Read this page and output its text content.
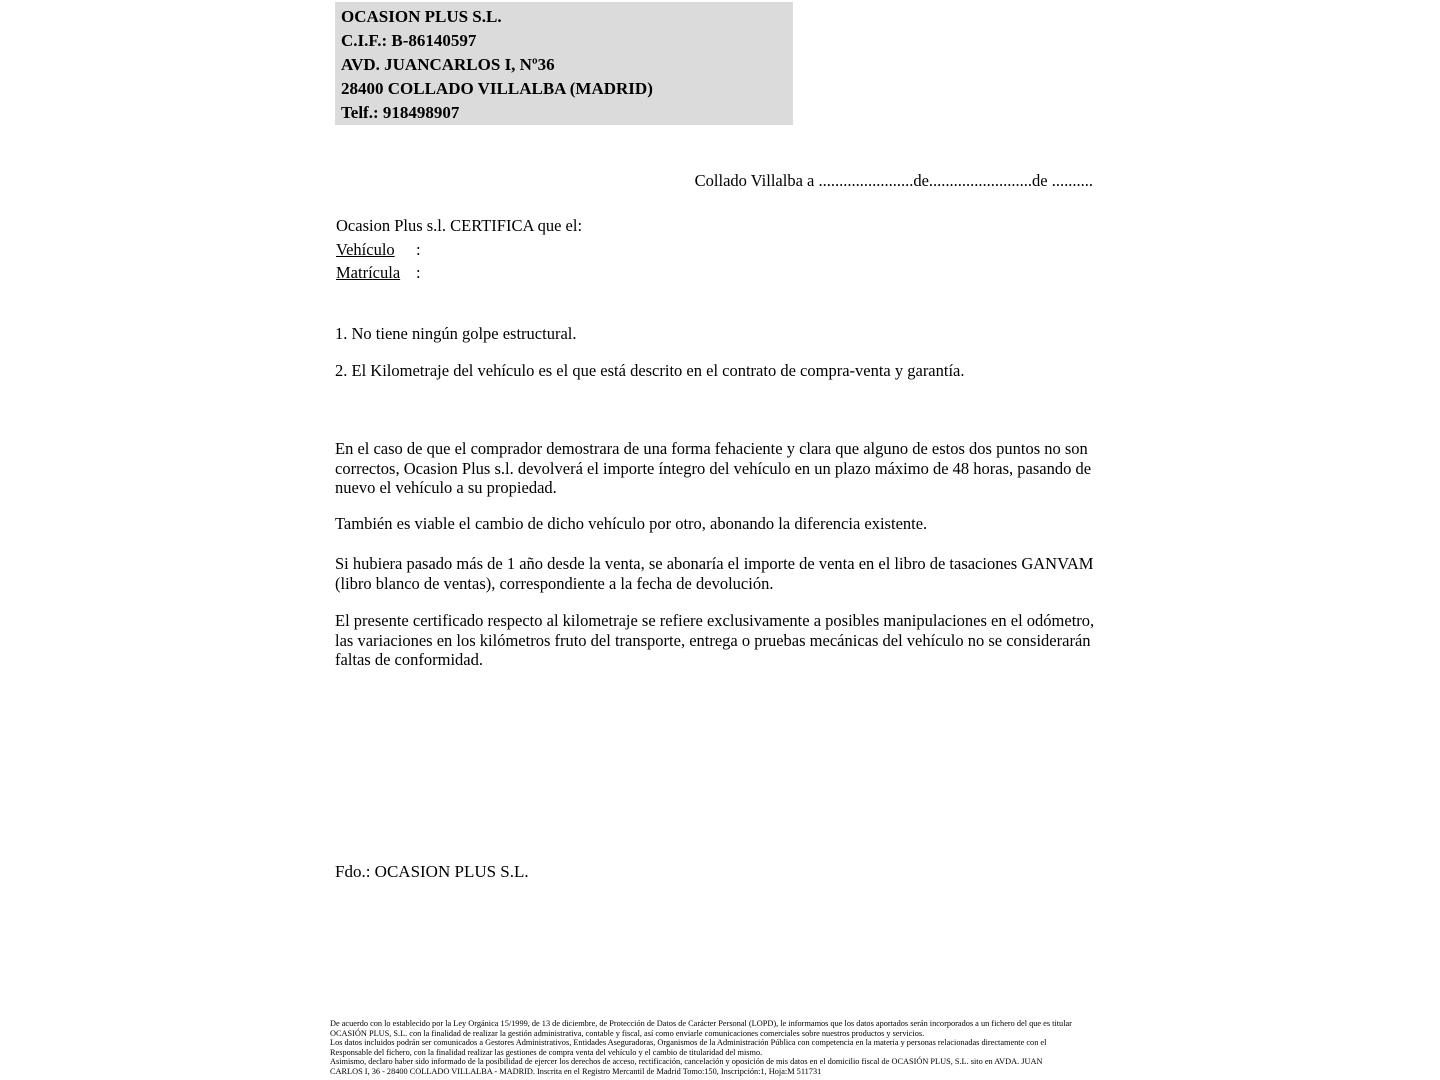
OCASION PLUS S.L.
C.I.F.: B-86140597
AVD. JUANCARLOS I, Nº36
28400 COLLADO VILLALBA (MADRID)
Telf.: 918498907
Collado Villalba a .......................de.........................de ..........
Ocasion Plus s.l. CERTIFICA que el:
Vehículo :
Matrícula :

1. No tiene ningún golpe estructural.

2. El Kilometraje del vehículo es el que está descrito en el contrato de compra-venta y garantía.

En el caso de que el comprador demostrara de una forma fehaciente y clara que alguno de estos dos puntos no son correctos, Ocasion Plus s.l. devolverá el importe íntegro del vehículo en un plazo máximo de 48 horas, pasando de nuevo el vehículo a su propiedad.

También es viable el cambio de dicho vehículo por otro, abonando la diferencia existente.

Si hubiera pasado más de 1 año desde la venta, se abonaría el importe de venta en el libro de tasaciones GANVAM (libro blanco de ventas), correspondiente a la fecha de devolución.

El presente certificado respecto al kilometraje se refiere exclusivamente a posibles manipulaciones en el odómetro, las variaciones en los kilómetros fruto del transporte, entrega o pruebas mecánicas del vehículo no se considerarán faltas de conformidad.

Fdo.: OCASION PLUS S.L.
De acuerdo con lo establecido por la Ley Orgánica 15/1999, de 13 de diciembre, de Protección de Datos de Carácter Personal (LOPD), le informamos que los datos aportados serán incorporados a un fichero del que es titular
OCASIÓN PLUS, S.L. con la finalidad de realizar la gestión administrativa, contable y fiscal, así como enviarle comunicaciones comerciales sobre nuestros productos y servicios.
Los datos incluidos podrán ser comunicados a Gestores Administrativos, Entidades Aseguradoras, Organismos de la Administración Pública con competencia en la materia y personas relacionadas directamente con el
Responsable del fichero, con la finalidad realizar las gestiones de compra venta del vehículo y el cambio de titularidad del mismo.
Asimismo, declaro haber sido informado de la posibilidad de ejercer los derechos de acceso, rectificación, cancelación y oposición de mis datos en el domicilio fiscal de OCASIÓN PLUS, S.L. sito en AVDA. JUAN
CARLOS I, 36 - 28400 COLLADO VILLALBA - MADRID. Inscrita en el Registro Mercantil de Madrid Tomo:150, Inscripción:1, Hoja:M 511731
